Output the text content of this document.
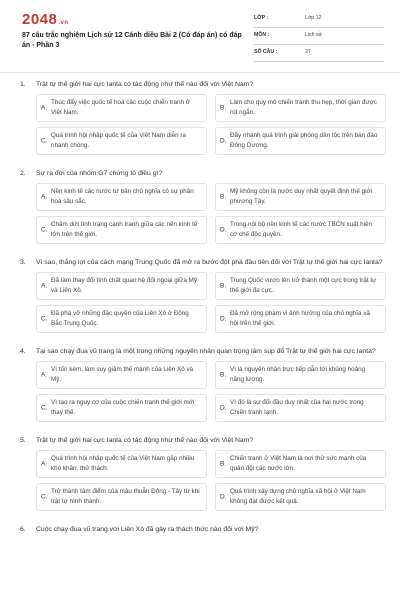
2048.vn
87 câu trắc nghiệm Lịch sử 12 Cánh diều Bài 2 (Có đáp án) có đáp án - Phần 3
LỚP :	Lớp 12
MÔN :	Lịch sử
SỐ CÂU :	27
1. Trật tự thế giới hai cực Ianta có tác động như thế nào đối với Việt Nam?
A.
Thúc đẩy việc quốc tế hoá các cuộc chiến tranh ở Việt Nam.
B.
Làm cho quy mô chiến tranh thu hẹp, thời gian được rút ngắn.
C.
Quá trình hội nhập quốc tế của Việt Nam diễn ra nhanh chóng.
D.
Đẩy nhanh quá trình giải phóng dân tộc trên bán đảo Đông Dương.
2. Sự ra đời của nhóm G7 chứng tỏ điều gì?
A.
Nền kinh tế các nước tư bản chủ nghĩa có sự phân hoá sâu sắc.
B.
Mỹ không còn là nước duy nhất quyết định thế giới phương Tây.
C.
Chấm dứt tình trạng cạnh tranh giữa các nền kinh tế lớn trên thế giới.
D.
Trong nội bộ nền kinh tế các nước TBCN xuất hiện cơ chế độc quyền.
3. Vì sao, thắng lợi của cách mạng Trung Quốc đã mở ra bước đột phá đầu tiên đối với Trật tự thế giới hai cực Ianta?
A.
Đã làm thay đổi tính chất quan hệ đối ngoại giữa Mỹ và Liên Xô.
B.
Trung Quốc vươn lên trở thành một cực trong trật tự thế giới đa cực.
C.
Đã phá vỡ những đặc quyền của Liên Xô ở Đông Bắc Trung Quốc.
D.
Đã mở rộng phạm vi ảnh hưởng của chủ nghĩa xã hội trên thế giới.
4. Tại sao chạy đua vũ trang là một trong những nguyên nhân quan trọng làm sụp đổ Trật tự thế giới hai cực Ianta?
A.
Vì tốn kém, làm suy giảm thế mạnh của Liên Xô và Mỹ.
B.
Vì là nguyên nhân trực tiếp dẫn tới khủng hoảng năng lượng.
C.
Vì tạo ra nguy cơ của cuộc chiến tranh thế giới mới thay thế.
D.
Vì đó là sự đối đầu duy nhất của hai nước trong Chiến tranh lạnh.
5. Trật tự thế giới hai cực Ianta có tác động như thế nào đối với Việt Nam?
A.
Quá trình hội nhập quốc tế của Việt Nam gặp nhiều khó khăn, thử thách.
B.
Chiến tranh ở Việt Nam là nơi thử sức mạnh của quân đội các nước lớn.
C.
Trở thành tâm điểm của mâu thuẫn Đông - Tây từ khi trật tự hình thành.
D.
Quá trình xây dựng chủ nghĩa xã hội ở Việt Nam không đạt được kết quả.
6. Cuộc chạy đua vũ trang với Liên Xô đã gây ra thách thức nào đối với Mỹ?
